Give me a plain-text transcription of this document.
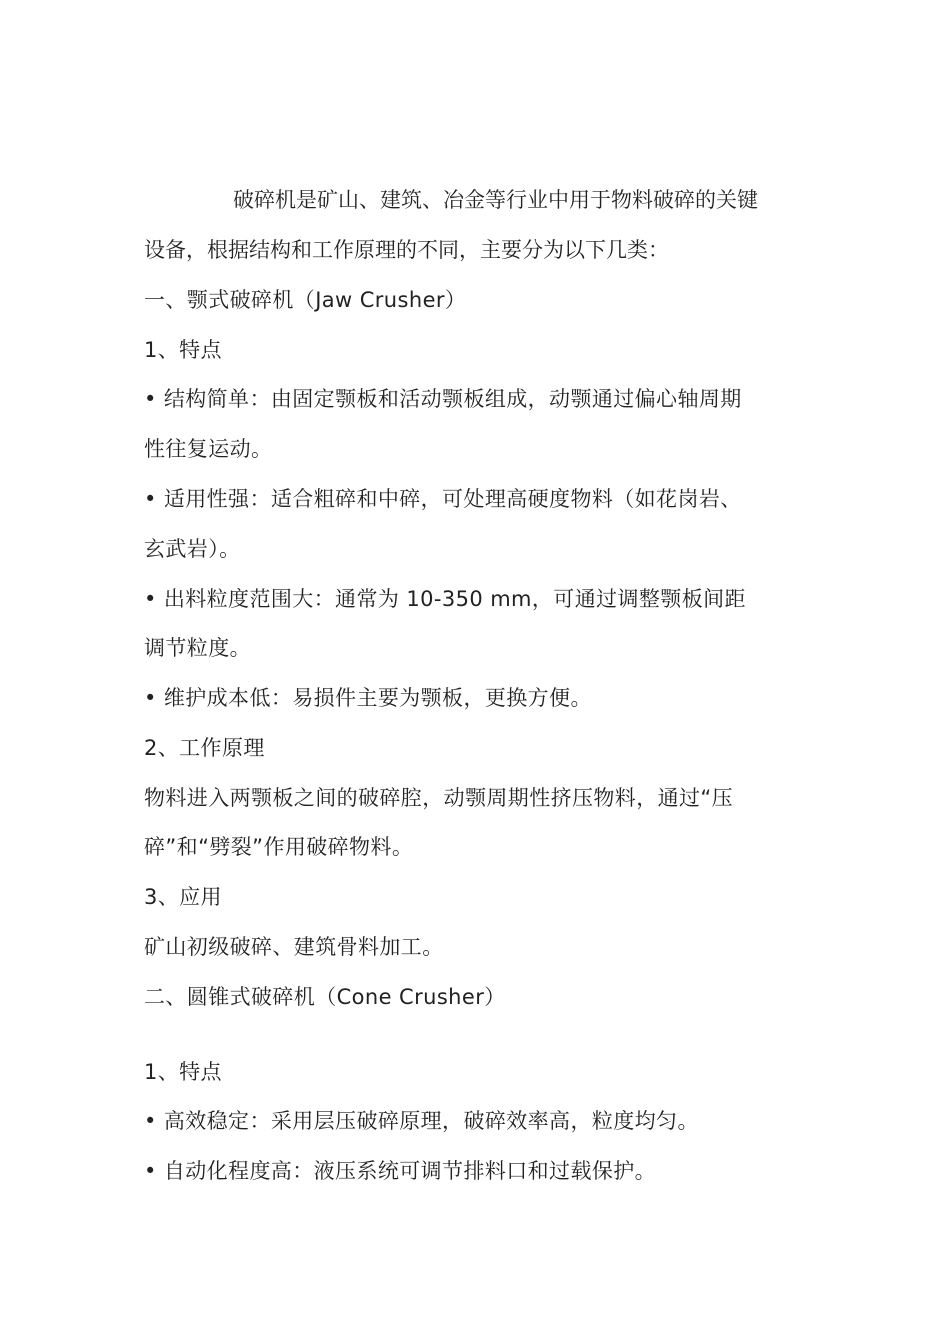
破碎机是矿山、建筑、冶金等行业中用于物料破碎的关键
设备，根据结构和工作原理的不同，主要分为以下几类：
一、颚式破碎机（Jaw Crusher）
1、特点
• 结构简单：由固定颚板和活动颚板组成，动颚通过偏心轴周期
性往复运动。
• 适用性强：适合粗碎和中碎，可处理高硬度物料（如花岗岩、
玄武岩）。
• 出料粒度范围大：通常为 10-350 mm，可通过调整颚板间距
调节粒度。
• 维护成本低：易损件主要为颚板，更换方便。
2、工作原理
物料进入两颚板之间的破碎腔，动颚周期性挤压物料，通过“压
碎”和“劈裂”作用破碎物料。
3、应用
矿山初级破碎、建筑骨料加工。
二、圆锥式破碎机（Cone Crusher）
1、特点
• 高效稳定：采用层压破碎原理，破碎效率高，粒度均匀。
• 自动化程度高：液压系统可调节排料口和过载保护。
